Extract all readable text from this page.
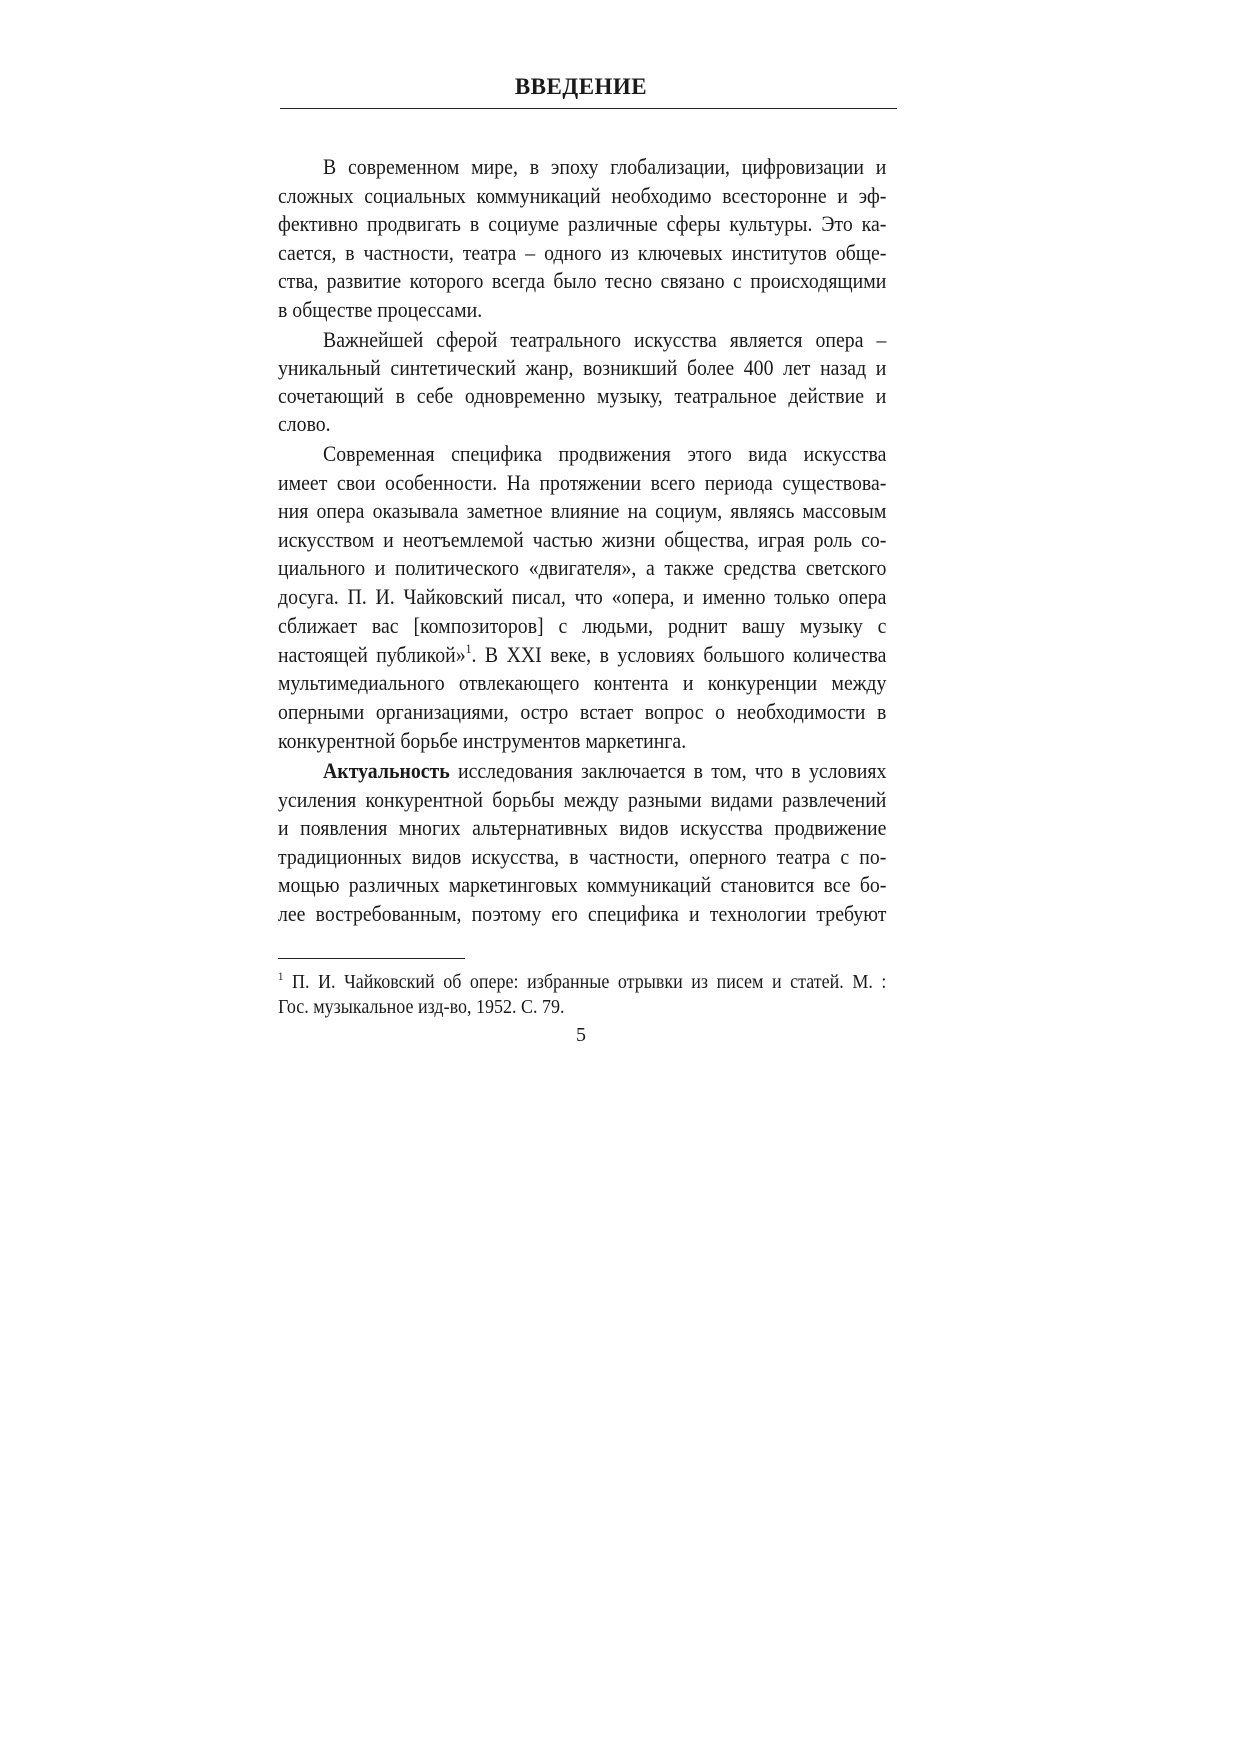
ВВЕДЕНИЕ
В современном мире, в эпоху глобализации, цифровизации и
сложных социальных коммуникаций необходимо всесторонне и эф-
фективно продвигать в социуме различные сферы культуры. Это ка-
сается, в частности, театра – одного из ключевых институтов обще-
ства, развитие которого всегда было тесно связано с происходящими
в обществе процессами.
Важнейшей сферой театрального искусства является опера –
уникальный синтетический жанр, возникший более 400 лет назад и
сочетающий в себе одновременно музыку, театральное действие и
слово.
Современная специфика продвижения этого вида искусства
имеет свои особенности. На протяжении всего периода существова-
ния опера оказывала заметное влияние на социум, являясь массовым
искусством и неотъемлемой частью жизни общества, играя роль со-
циального и политического «двигателя», а также средства светского
досуга. П. И. Чайковский писал, что «опера, и именно только опера
сближает вас [композиторов] с людьми, роднит вашу музыку с
настоящей публикой»$^1$. В XXI веке, в условиях большого количества
мультимедиального отвлекающего контента и конкуренции между
оперными организациями, остро встает вопрос о необходимости в
конкурентной борьбе инструментов маркетинга.
Актуальность исследования заключается в том, что в условиях
усиления конкурентной борьбы между разными видами развлечений
и появления многих альтернативных видов искусства продвижение
традиционных видов искусства, в частности, оперного театра с по-
мощью различных маркетинговых коммуникаций становится все бо-
лее востребованным, поэтому его специфика и технологии требуют
$^1$ П. И. Чайковский об опере: избранные отрывки из писем и статей. М. :
Гос. музыкальное изд-во, 1952. С. 79.
5
